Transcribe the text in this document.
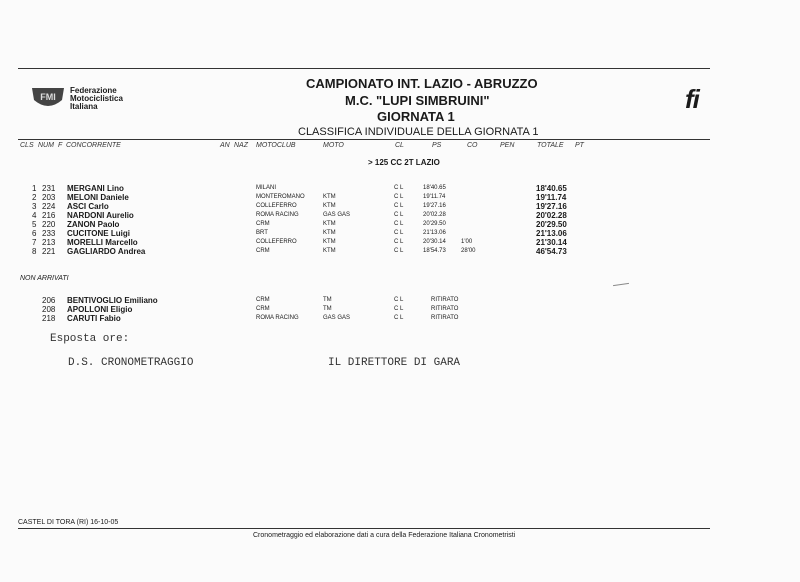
FMI
Federazione
Motociclistica
Italiana
CAMPIONATO INT. LAZIO - ABRUZZO
M.C. "LUPI SIMBRUINI"
GIORNATA 1
CLASSIFICA INDIVIDUALE DELLA GIORNATA 1
fi
CLS NUM F CONCORRENTE	AN NAZ MOTOCLUB	MOTO	CL	PS	CO	PEN	TOTALE PT
> 125 CC 2T LAZIO
1 231 MERGANI Lino	MILANI	C L	18'40.65	18'40.65
2 203 MELONI Daniele	MONTEROMANO	KTM	C L	19'11.74	19'11.74
3 224 ASCI Carlo	COLLEFERRO	KTM	C L	19'27.16	19'27.16
4 216 NARDONI Aurelio	ROMA RACING	GAS GAS	C L	20'02.28	20'02.28
5 220 ZANON Paolo	CRM	KTM	C L	20'29.50	20'29.50
6 233 CUCITONE Luigi	BRT	KTM	C L	21'13.06	21'13.06
7 213 MORELLI Marcello	COLLEFERRO	KTM	C L	20'30.14	1'00	21'30.14
8 221 GAGLIARDO Andrea	CRM	KTM	C L	18'54.73	28'00	46'54.73
NON ARRIVATI
206 BENTIVOGLIO Emiliano	CRM	TM	C L	RITIRATO
208 APOLLONI Eligio	CRM	TM	C L	RITIRATO
218 CARUTI Fabio	ROMA RACING	GAS GAS	C L	RITIRATO
Esposta ore:
D.S. CRONOMETRAGGIO	IL DIRETTORE DI GARA
CASTEL DI TORA (RI) 16-10-05
Cronometraggio ed elaborazione dati a cura della Federazione Italiana Cronometristi
